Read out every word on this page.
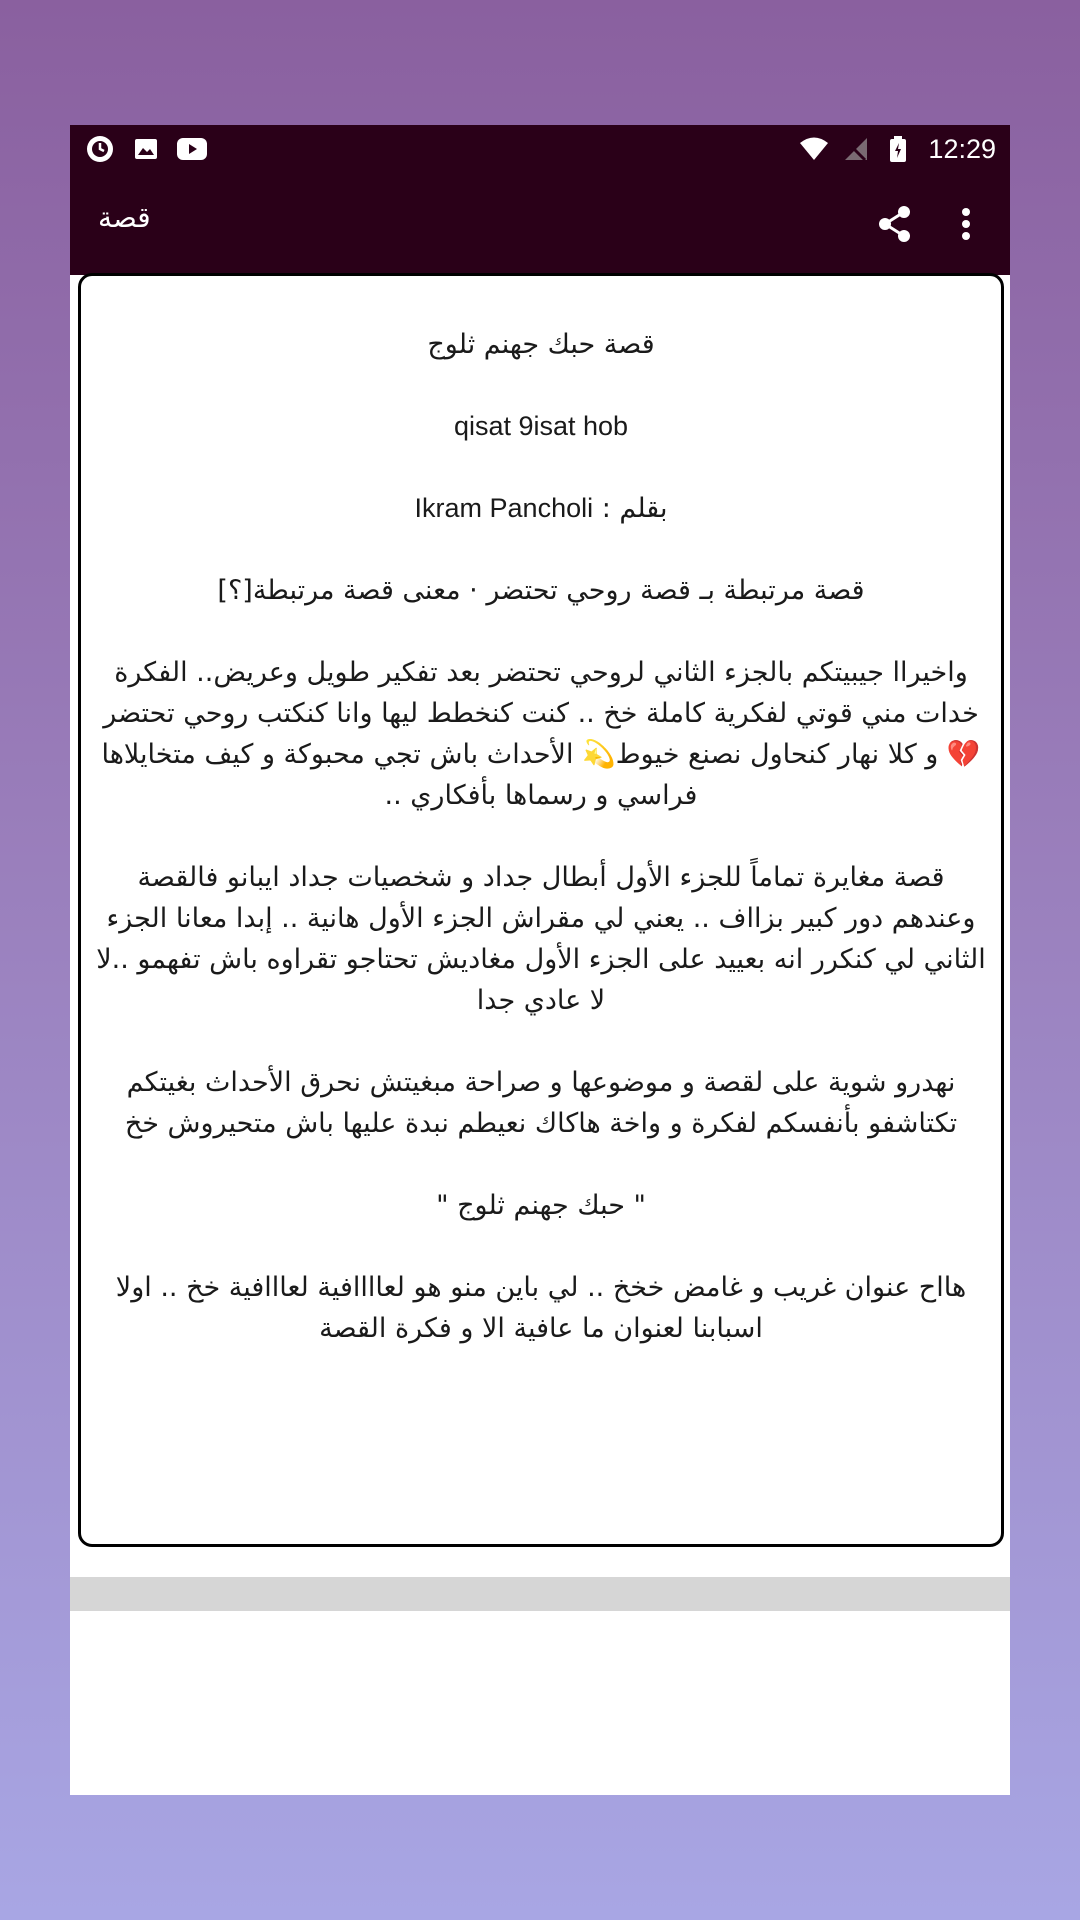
12:29
قصة

قصة حبك جهنم ثلوج

qisat 9isat hob

بقلم : Ikram Pancholi

قصة مرتبطة بـ قصة روحي تحتضر · معنى قصة مرتبطة[؟]

واخيراا جيبيتكم بالجزء الثاني لروحي تحتضر بعد تفكير طويل وعريض.. الفكرة خدات مني قوتي لفكرية كاملة خخ .. كنت كنخطط ليها وانا كنكتب روحي تحتضر💔 و كلا نهار كنحاول نصنع خيوط💫 الأحداث باش تجي محبوكة و كيف متخايلاها فراسي و رسماها بأفكاري ..

قصة مغايرة تماماً للجزء الأول أبطال جداد و شخصيات جداد ايبانو فالقصة وعندهم دور كبير بزااف .. يعني لي مقراش الجزء الأول هانية .. إبدا معانا الجزء الثاني لي كنكرر انه بعييد على الجزء الأول مغاديش تحتاجو تقراوه باش تفهمو ..لا لا عادي جدا

نهدرو شوية على لقصة و موضوعها و صراحة مبغيتش نحرق الأحداث بغيتكم تكتاشفو بأنفسكم لفكرة و واخة هاكاك نعيطم نبدة عليها باش متحيروش خخ

" حبك جهنم ثلوج "

هااح عنوان غريب و غامض خخخ .. لي باين منو هو لعاااافية لعااافية خخ .. اولا اسبابنا لعنوان ما عافية الا و فكرة القصة
